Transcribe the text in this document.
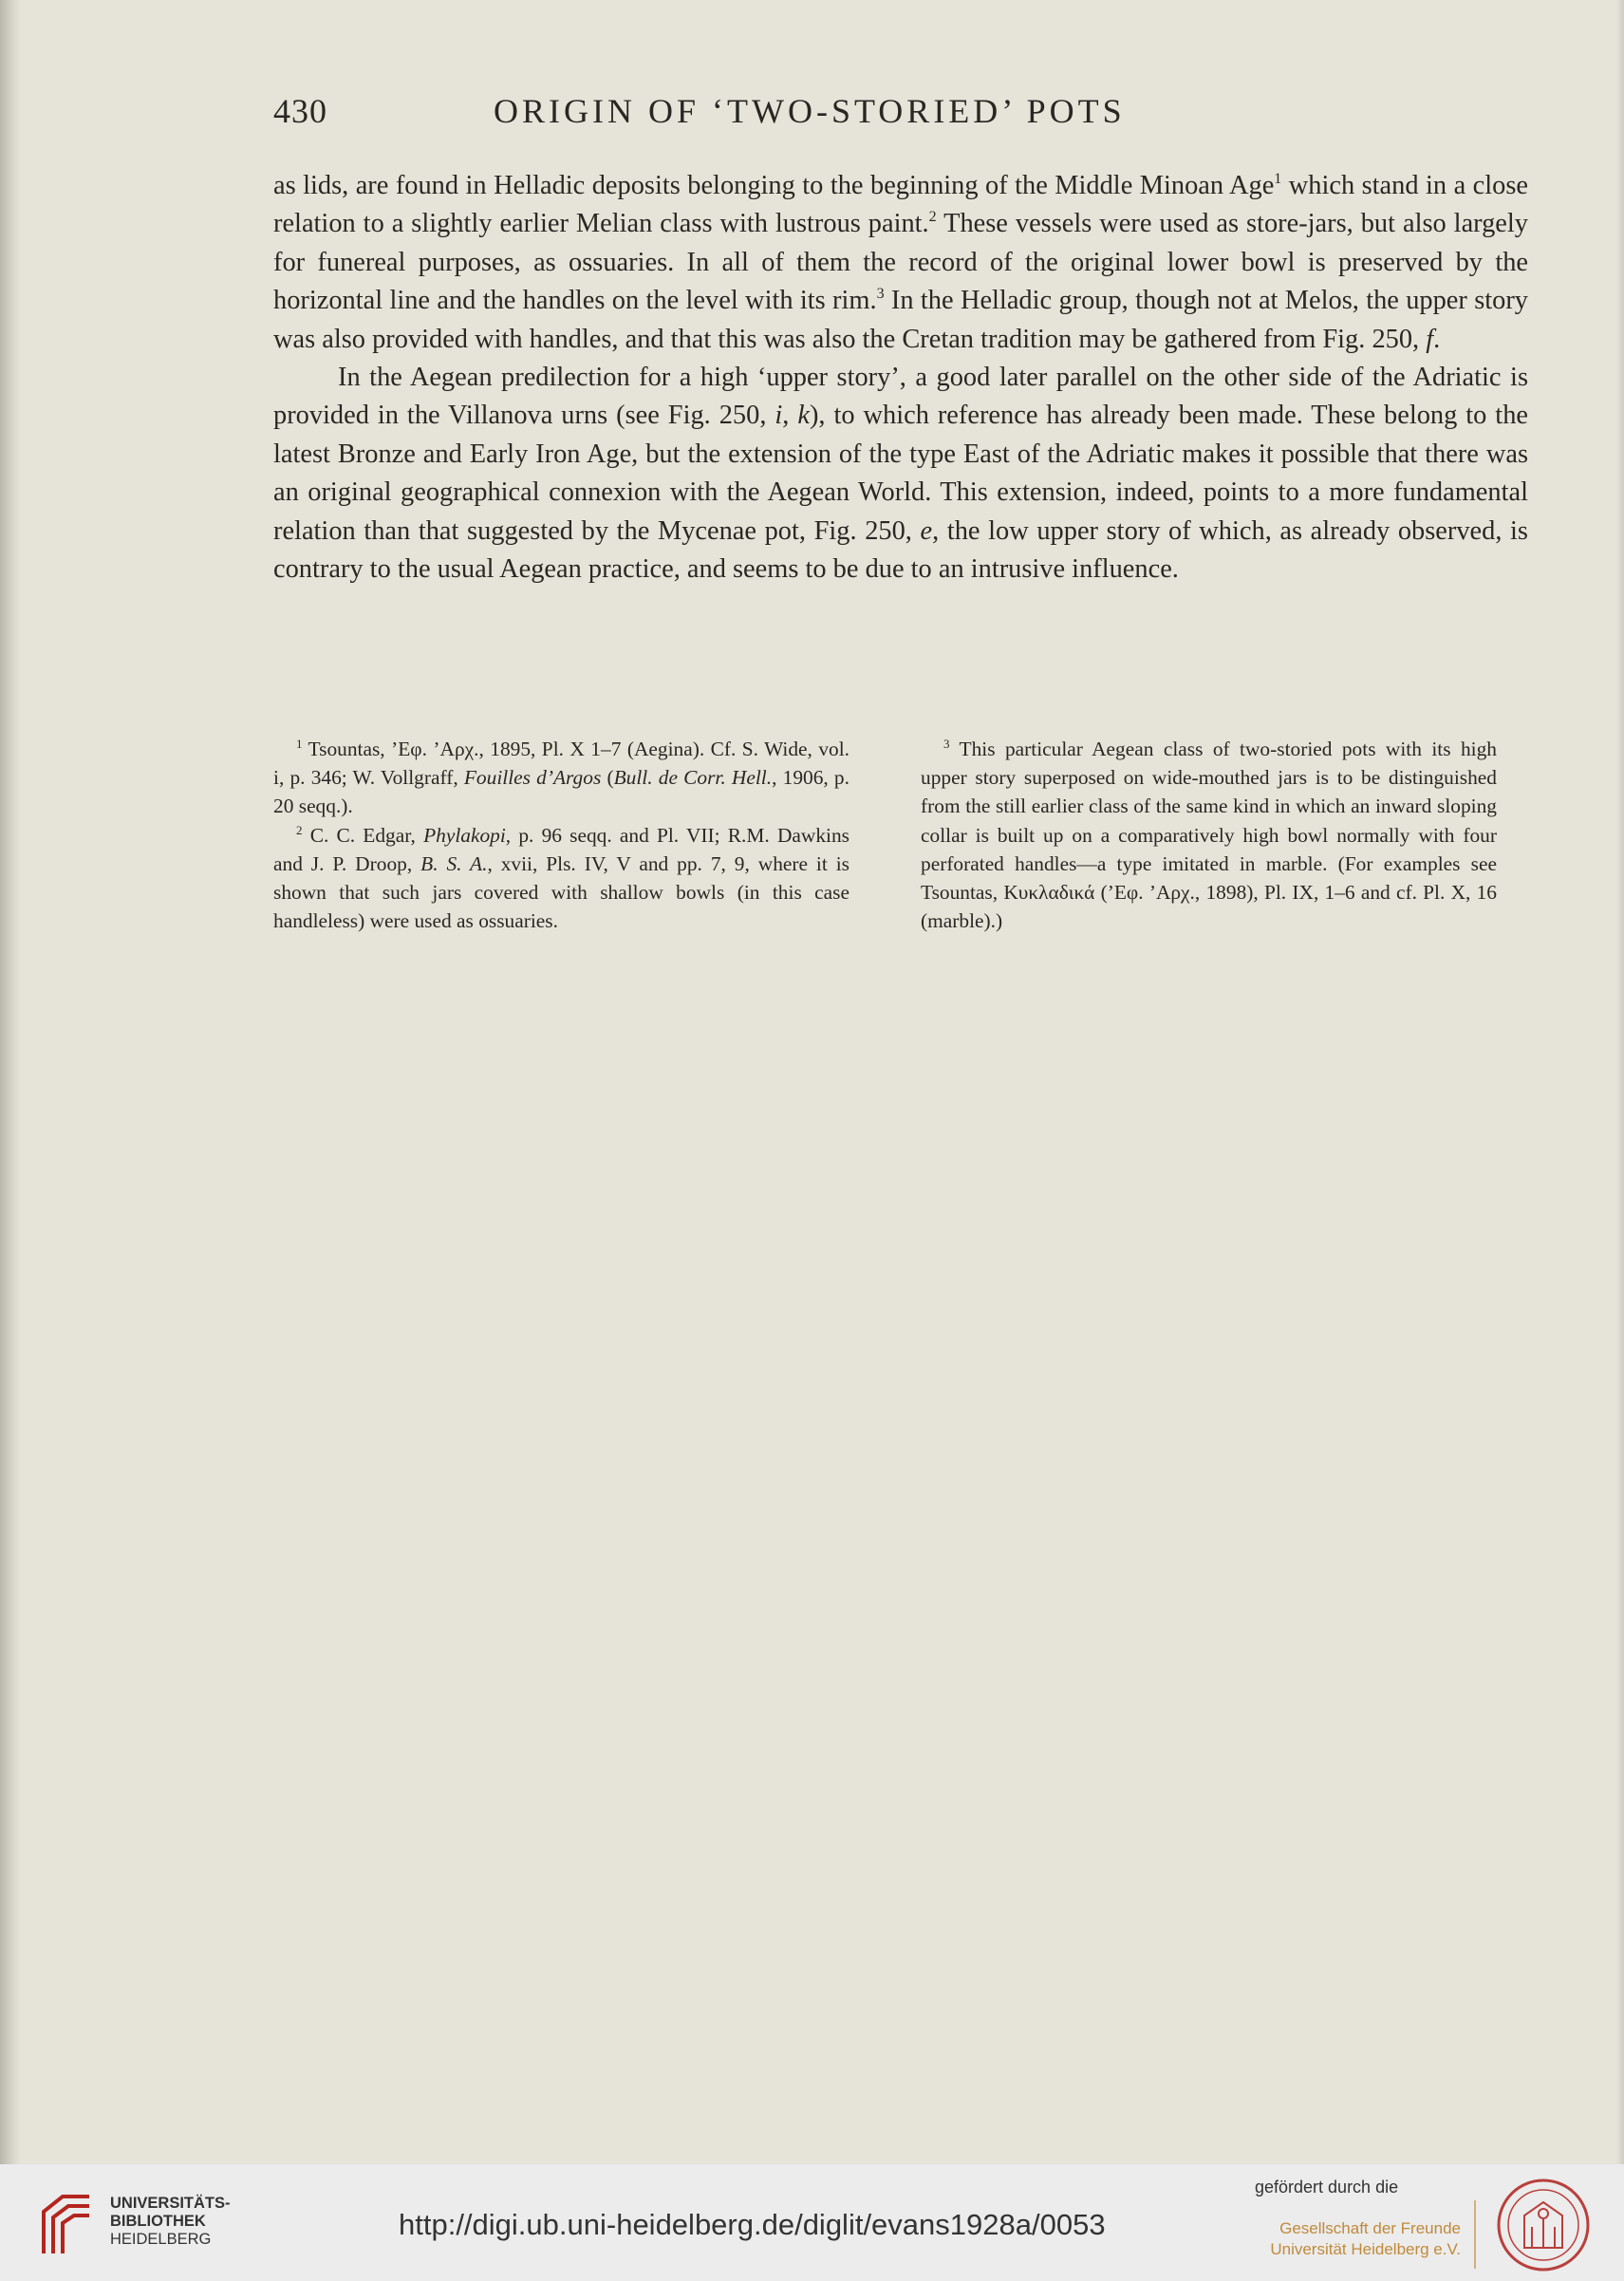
430	ORIGIN OF ‘TWO-STORIED’ POTS

as lids, are found in Helladic deposits belonging to the beginning of the Middle Minoan Age$^1$ which stand in a close relation to a slightly earlier Melian class with lustrous paint.$^2$ These vessels were used as store-jars, but also largely for funereal purposes, as ossuaries. In all of them the record of the original lower bowl is preserved by the horizontal line and the handles on the level with its rim.$^3$ In the Helladic group, though not at Melos, the upper story was also provided with handles, and that this was also the Cretan tradition may be gathered from Fig. 250, f.

In the Aegean predilection for a high ‘upper story’, a good later parallel on the other side of the Adriatic is provided in the Villanova urns (see Fig. 250, i, k), to which reference has already been made. These belong to the latest Bronze and Early Iron Age, but the extension of the type East of the Adriatic makes it possible that there was an original geographical connexion with the Aegean World. This extension, indeed, points to a more fundamental relation than that suggested by the Mycenae pot, Fig. 250, e, the low upper story of which, as already observed, is contrary to the usual Aegean practice, and seems to be due to an intrusive influence.

$^1$ Tsountas, ’Εφ. ’Αρχ., 1895, Pl. X 1–7 (Aegina). Cf. S. Wide, vol. i, p. 346; W. Vollgraff, Fouilles d’Argos (Bull. de Corr. Hell., 1906, p. 20 seqq.).

$^2$ C. C. Edgar, Phylakopi, p. 96 seqq. and Pl. VII; R.M. Dawkins and J. P. Droop, B. S. A., xvii, Pls. IV, V and pp. 7, 9, where it is shown that such jars covered with shallow bowls (in this case handleless) were used as ossuaries.

$^3$ This particular Aegean class of two-storied pots with its high upper story superposed on wide-mouthed jars is to be distinguished from the still earlier class of the same kind in which an inward sloping collar is built up on a comparatively high bowl normally with four perforated handles—a type imitated in marble. (For examples see Tsountas, Κυκλαδικά (’Εφ. ’Αρχ., 1898), Pl. IX, 1–6 and cf. Pl. X, 16 (marble).)

UNIVERSITÄTS-
BIBLIOTHEK
HEIDELBERG	http://digi.ub.uni-heidelberg.de/diglit/evans1928a/0053
gefördert durch die
Gesellschaft der Freunde
Universität Heidelberg e.V.
